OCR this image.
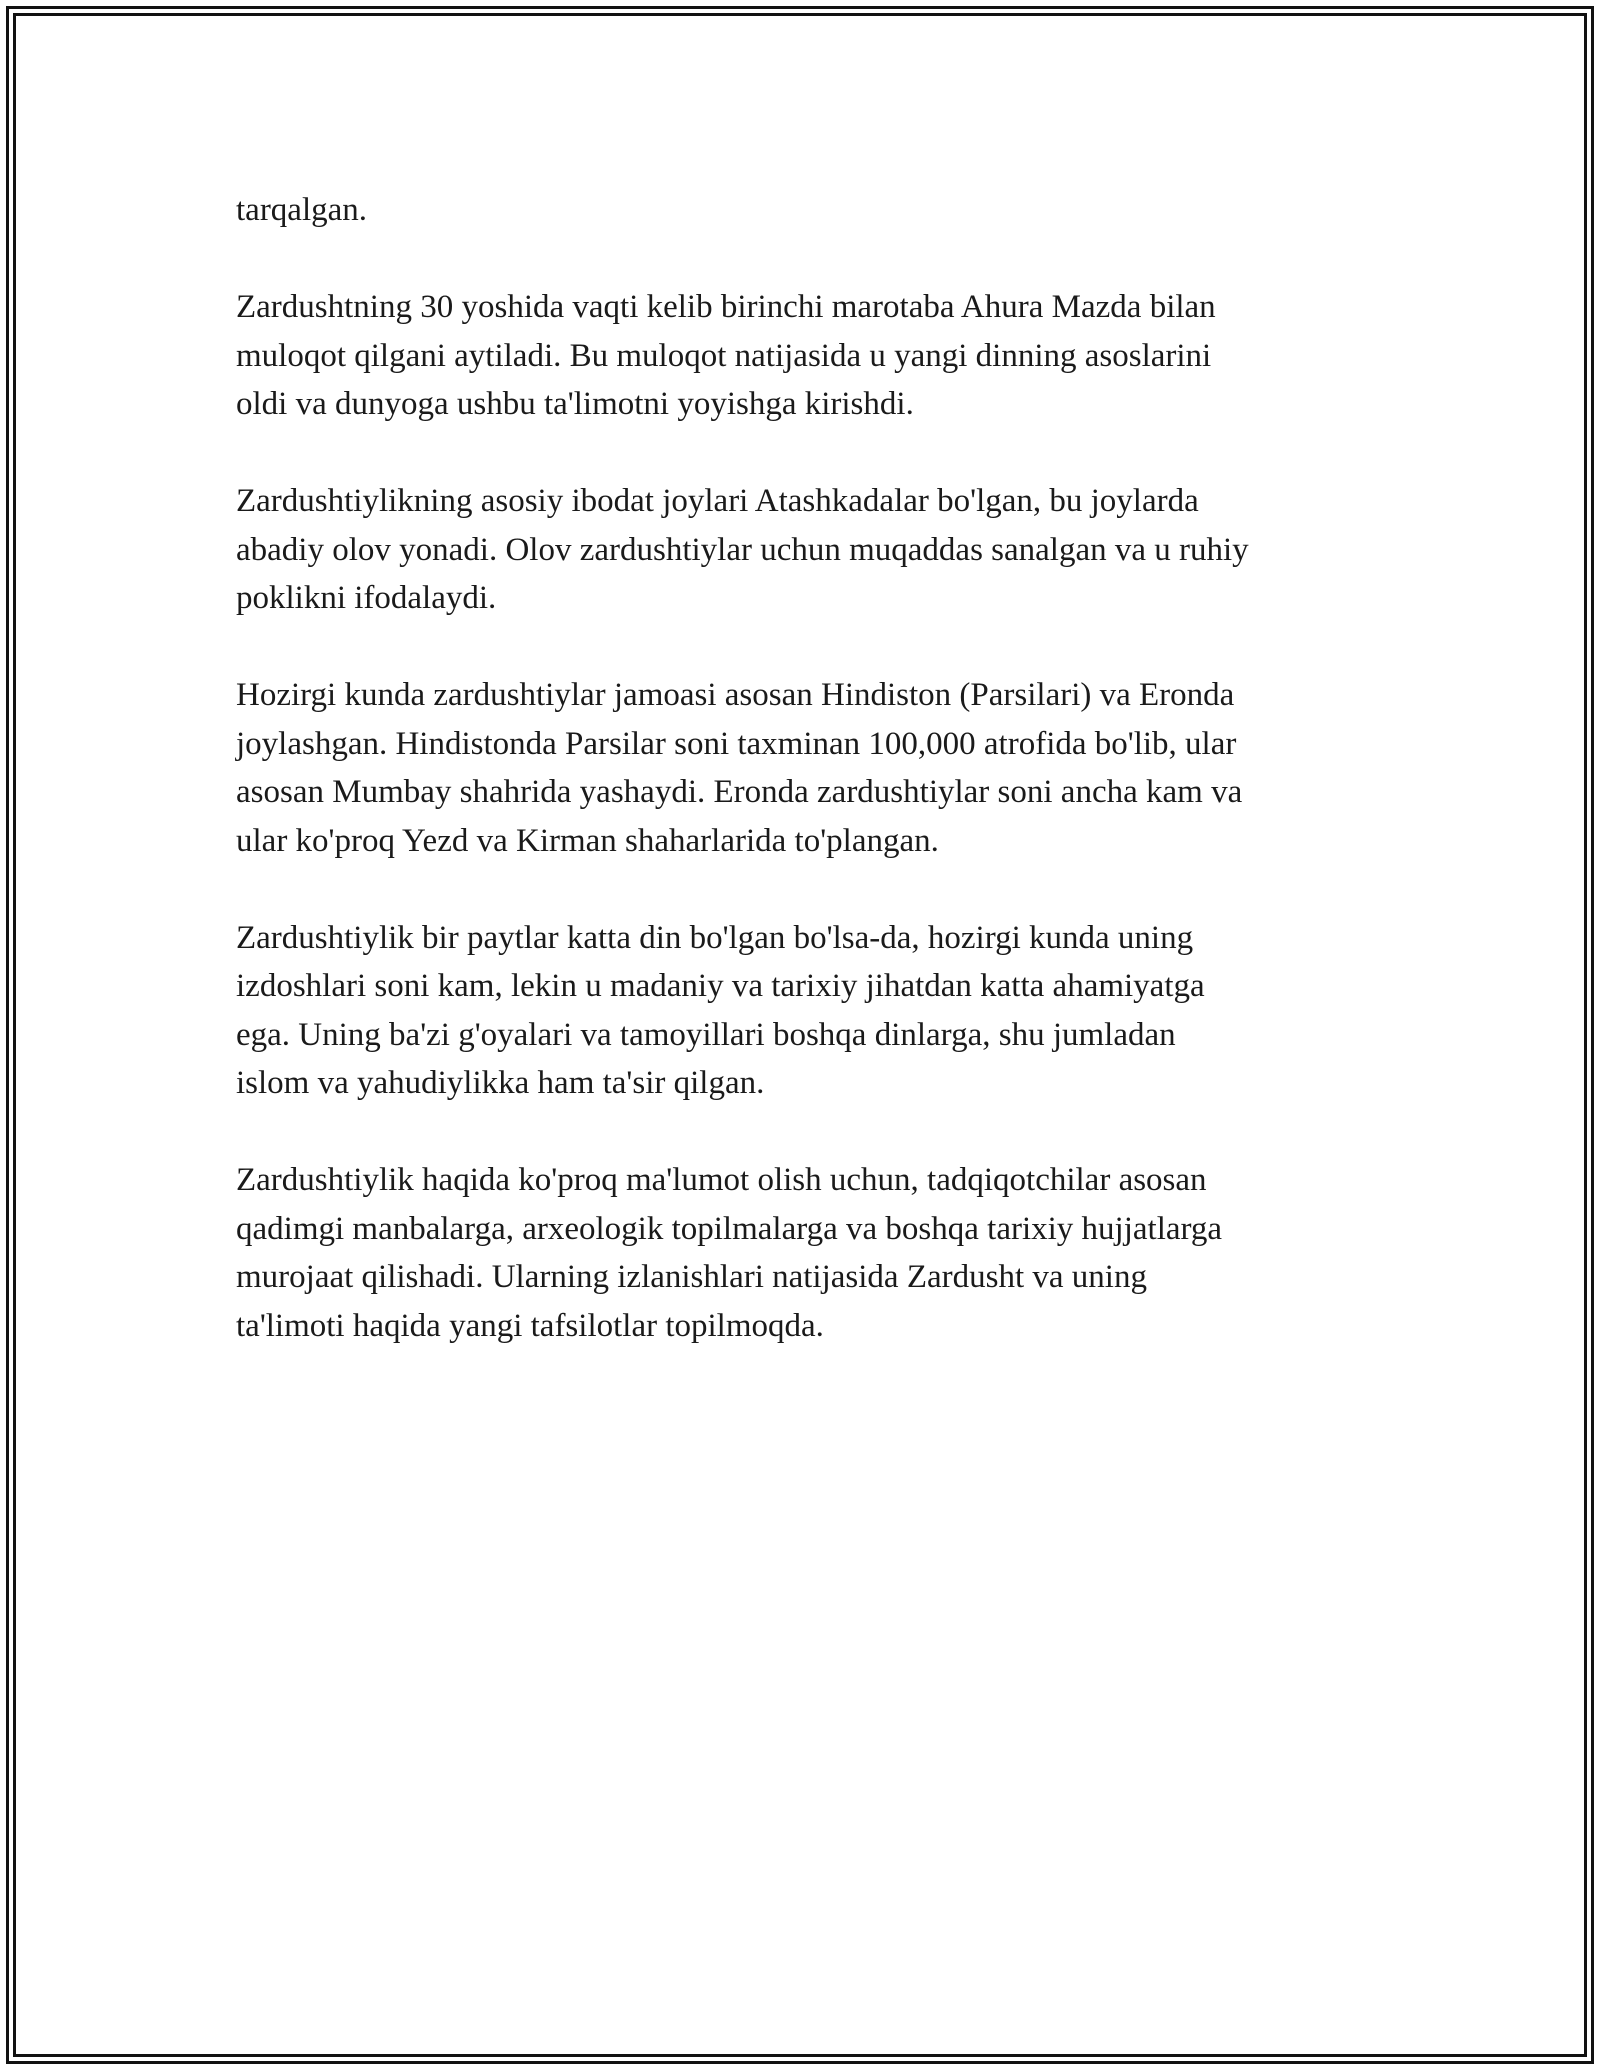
tarqalgan.

Zardushtning 30 yoshida vaqti kelib birinchi marotaba Ahura Mazda bilan
muloqot qilgani aytiladi. Bu muloqot natijasida u yangi dinning asoslarini
oldi va dunyoga ushbu ta'limotni yoyishga kirishdi.

Zardushtiylikning asosiy ibodat joylari Atashkadalar bo'lgan, bu joylarda
abadiy olov yonadi. Olov zardushtiylar uchun muqaddas sanalgan va u ruhiy
poklikni ifodalaydi.

Hozirgi kunda zardushtiylar jamoasi asosan Hindiston (Parsilari) va Eronda
joylashgan. Hindistonda Parsilar soni taxminan 100,000 atrofida bo'lib, ular
asosan Mumbay shahrida yashaydi. Eronda zardushtiylar soni ancha kam va
ular ko'proq Yezd va Kirman shaharlarida to'plangan.

Zardushtiylik bir paytlar katta din bo'lgan bo'lsa-da, hozirgi kunda uning
izdoshlari soni kam, lekin u madaniy va tarixiy jihatdan katta ahamiyatga
ega. Uning ba'zi g'oyalari va tamoyillari boshqa dinlarga, shu jumladan
islom va yahudiylikka ham ta'sir qilgan.

Zardushtiylik haqida ko'proq ma'lumot olish uchun, tadqiqotchilar asosan
qadimgi manbalarga, arxeologik topilmalarga va boshqa tarixiy hujjatlarga
murojaat qilishadi. Ularning izlanishlari natijasida Zardusht va uning
ta'limoti haqida yangi tafsilotlar topilmoqda.
